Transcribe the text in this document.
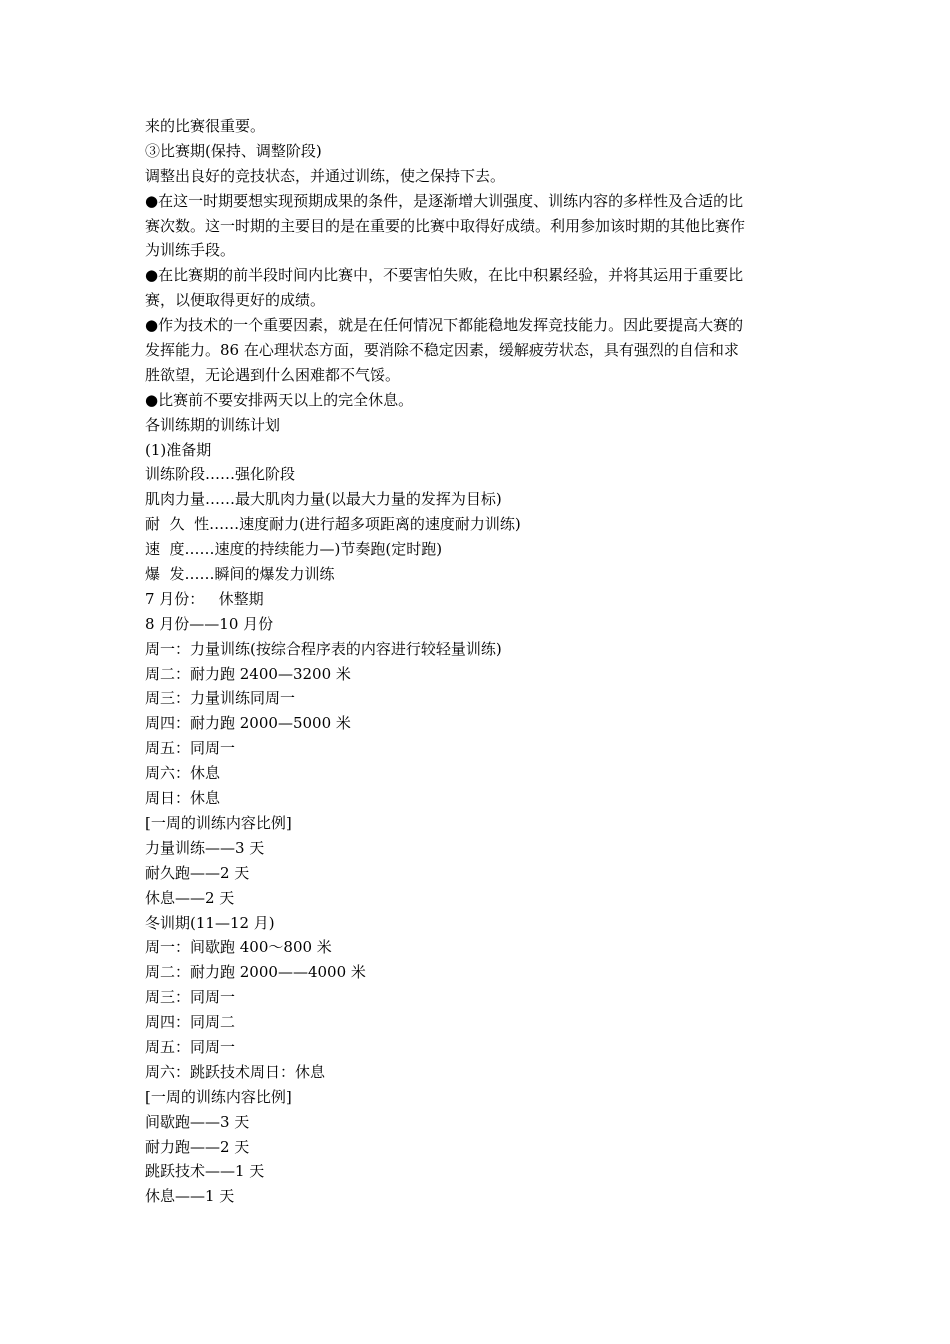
来的比赛很重要。
③比赛期(保持、调整阶段)
调整出良好的竞技状态，并通过训练，使之保持下去。
●在这一时期要想实现预期成果的条件，是逐渐增大训强度、训练内容的多样性及合适的比
赛次数。这一时期的主要目的是在重要的比赛中取得好成绩。利用参加该时期的其他比赛作
为训练手段。
●在比赛期的前半段时间内比赛中，不要害怕失败，在比中积累经验，并将其运用于重要比
赛，以便取得更好的成绩。
●作为技术的一个重要因素，就是在任何情况下都能稳地发挥竞技能力。因此要提高大赛的
发挥能力。86 在心理状态方面，要消除不稳定因素，缓解疲劳状态，具有强烈的自信和求
胜欲望，无论遇到什么困难都不气馁。
●比赛前不要安排两天以上的完全休息。
各训练期的训练计划
(1)准备期
训练阶段……强化阶段
肌肉力量……最大肌肉力量(以最大力量的发挥为目标)
耐  久  性……速度耐力(进行超多项距离的速度耐力训练)
速  度……速度的持续能力—)节奏跑(定时跑)
爆  发……瞬间的爆发力训练
7 月份：   休整期
8 月份——10 月份
周一：力量训练(按综合程序表的内容进行较轻量训练)
周二：耐力跑 2400—3200 米
周三：力量训练同周一
周四：耐力跑 2000—5000 米
周五：同周一
周六：休息
周日：休息
[一周的训练内容比例]
力量训练——3 天
耐久跑——2 天
休息——2 天
冬训期(11—12 月)
周一：间歇跑 400～800 米
周二：耐力跑 2000——4000 米
周三：同周一
周四：同周二
周五：同周一
周六：跳跃技术周日：休息
[一周的训练内容比例]
间歇跑——3 天
耐力跑——2 天
跳跃技术——1 天
休息——1 天
